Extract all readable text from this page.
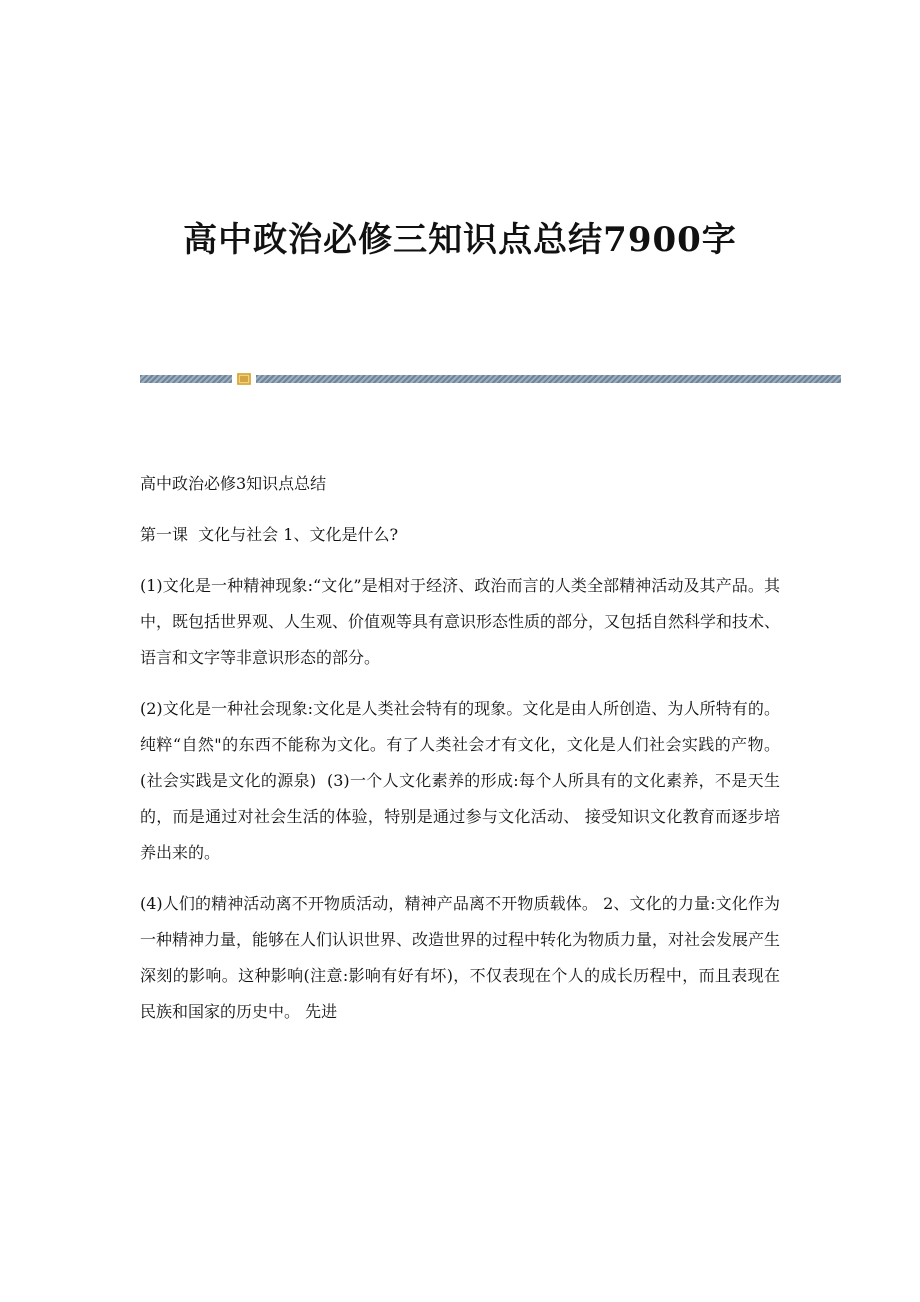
高中政治必修三知识点总结7900字

高中政治必修3知识点总结

第一课  文化与社会 1、文化是什么?

(1)文化是一种精神现象:“文化”是相对于经济、政治而言的人类全部精神活动及其产品。其中，既包括世界观、人生观、价值观等具有意识形态性质的部分，又包括自然科学和技术、语言和文字等非意识形态的部分。

(2)文化是一种社会现象:文化是人类社会特有的现象。文化是由人所创造、为人所特有的。纯粹“自然"的东西不能称为文化。有了人类社会才有文化，文化是人们社会实践的产物。(社会实践是文化的源泉)  (3)一个人文化素养的形成:每个人所具有的文化素养，不是天生的，而是通过对社会生活的体验，特别是通过参与文化活动、 接受知识文化教育而逐步培养出来的。

(4)人们的精神活动离不开物质活动，精神产品离不开物质载体。 2、文化的力量:文化作为一种精神力量，能够在人们认识世界、改造世界的过程中转化为物质力量，对社会发展产生深刻的影响。这种影响(注意:影响有好有坏)，不仅表现在个人的成长历程中，而且表现在民族和国家的历史中。 先进
